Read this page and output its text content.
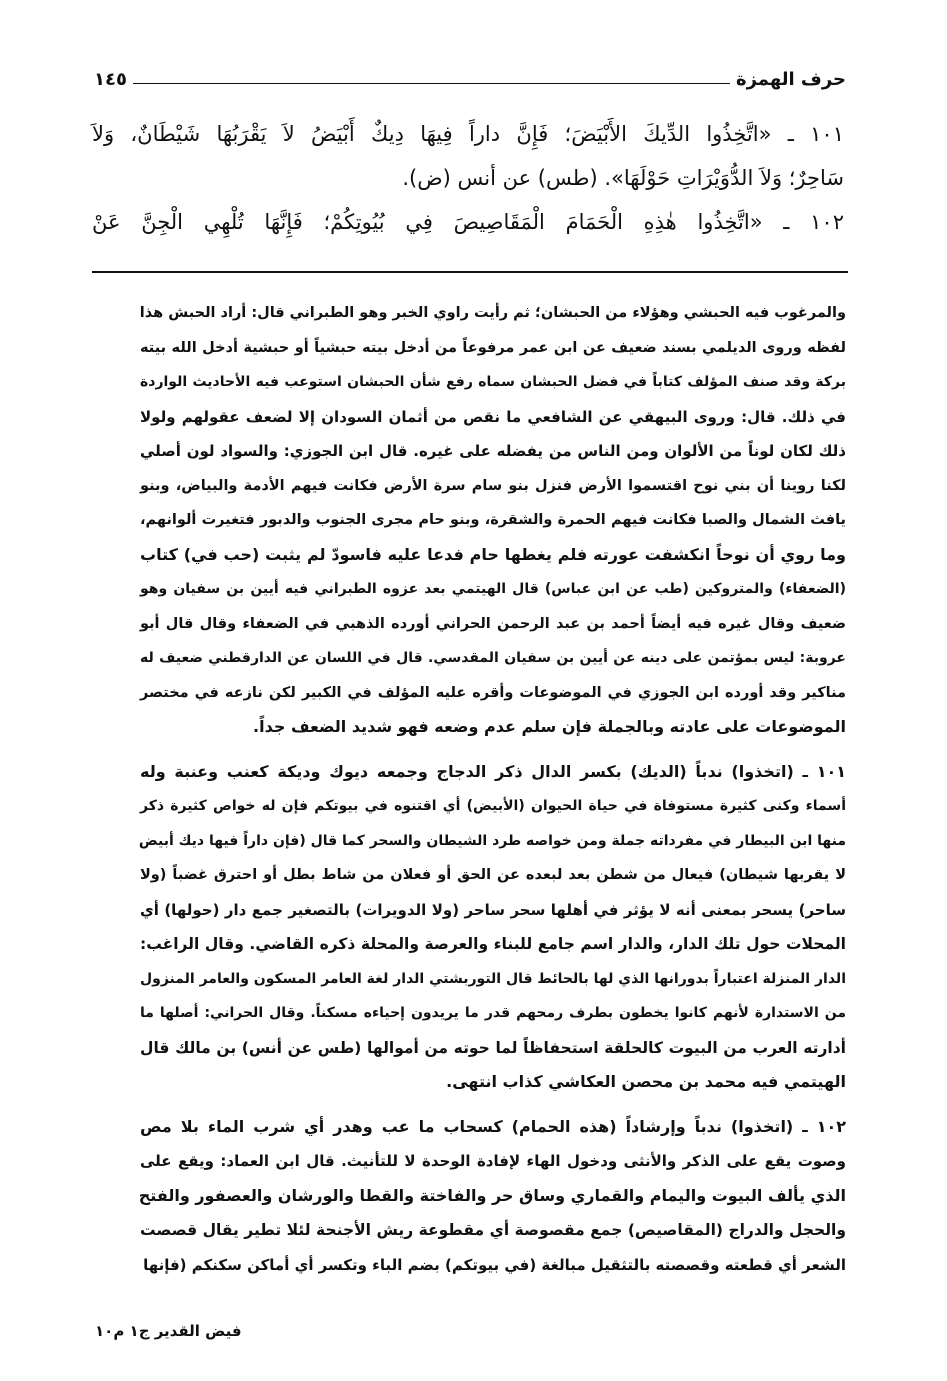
حرف الهمزة
١٤٥
١٠١ ـ «اتَّخِذُوا الدِّيكَ الأَبْيَضَ؛ فَإِنَّ داراً فِيهَا دِيكٌ أَبْيَضُ لاَ يَقْرَبُهَا شَيْطَانٌ، وَلاَ
سَاحِرٌ؛ وَلاَ الدُّوَيْرَاتِ حَوْلَهَا». (طس) عن أنس (ض).
١٠٢ ـ «اتَّخِذُوا هٰذِهِ الْحَمَامَ الْمَقَاصِيصَ فِي بُيُوتِكُمْ؛ فَإِنَّهَا تُلْهِي الْجِنَّ عَنْ
والمرغوب فيه الحبشي وهؤلاء من الحبشان؛ ثم رأيت راوي الخبر وهو الطبراني قال: أراد الحبش هذا
لفظه وروى الديلمي بسند ضعيف عن ابن عمر مرفوعاً من أدخل بيته حبشياً أو حبشية أدخل الله بيته
بركة وقد صنف المؤلف كتاباً في فضل الحبشان سماه رفع شأن الحبشان استوعب فيه الأحاديث الواردة
في ذلك. قال: وروى البيهقي عن الشافعي ما نقص من أثمان السودان إلا لضعف عقولهم ولولا
ذلك لكان لوناً من الألوان ومن الناس من يفضله على غيره. قال ابن الجوزي: والسواد لون أصلي
لكنا روينا أن بني نوح اقتسموا الأرض فنزل بنو سام سرة الأرض فكانت فيهم الأدمة والبياض، وبنو
يافث الشمال والصبا فكانت فيهم الحمرة والشقرة، وبنو حام مجرى الجنوب والدبور فتغيرت ألوانهم،
وما روي أن نوحاً انكشفت عورته فلم يغطها حام فدعا عليه فاسودّ لم يثبت (حب في) كتاب
(الضعفاء) والمتروكين (طب عن ابن عباس) قال الهيتمي بعد عزوه الطبراني فيه أيين بن سفيان وهو
ضعيف وقال غيره فيه أيضاً أحمد بن عبد الرحمن الحراني أورده الذهبي في الضعفاء وقال قال أبو
عروبة: ليس بمؤتمن على دينه عن أيين بن سفيان المقدسي. قال في اللسان عن الدارقطني ضعيف له
مناكير وقد أورده ابن الجوزي في الموضوعات وأقره عليه المؤلف في الكبير لكن نازعه في مختصر
الموضوعات على عادته وبالجملة فإن سلم عدم وضعه فهو شديد الضعف جداً.
١٠١ ـ (اتخذوا) ندباً (الديك) بكسر الدال ذكر الدجاج وجمعه ديوك وديكة كعنب وعنبة وله
أسماء وكنى كثيرة مستوفاة في حياة الحيوان (الأبيض) أي اقتنوه في بيوتكم فإن له خواص كثيرة ذكر
منها ابن البيطار في مفرداته جملة ومن خواصه طرد الشيطان والسحر كما قال (فإن داراً فيها ديك أبيض
لا يقربها شيطان) فيعال من شطن بعد لبعده عن الحق أو فعلان من شاط بطل أو احترق غضباً (ولا
ساحر) يسحر بمعنى أنه لا يؤثر في أهلها سحر ساحر (ولا الدويرات) بالتصغير جمع دار (حولها) أي
المحلات حول تلك الدار، والدار اسم جامع للبناء والعرصة والمحلة ذكره القاضي. وقال الراغب:
الدار المنزلة اعتباراً بدورانها الذي لها بالحائط قال التوربشتي الدار لغة العامر المسكون والعامر المنزول
من الاستدارة لأنهم كانوا يخطون بطرف رمحهم قدر ما يريدون إحياءه مسكناً. وقال الحراني: أصلها ما
أدارته العرب من البيوت كالحلقة استحفاظاً لما حوته من أموالها (طس عن أنس) بن مالك قال
الهيتمي فيه محمد بن محصن العكاشي كذاب انتهى.
١٠٢ ـ (اتخذوا) ندباً وإرشاداً (هذه الحمام) كسحاب ما عب وهدر أي شرب الماء بلا مص
وصوت يقع على الذكر والأنثى ودخول الهاء لإفادة الوحدة لا للتأنيث. قال ابن العماد: ويقع على
الذي يألف البيوت واليمام والقماري وساق حر والفاختة والقطا والورشان والعصفور والفتح
والحجل والدراج (المقاصيص) جمع مقصوصة أي مقطوعة ريش الأجنحة لئلا تطير يقال قصصت
الشعر أي قطعته وقصصته بالتثقيل مبالغة (في بيوتكم) بضم الباء وتكسر أي أماكن سكنكم (فإنها
فيض القدير ج١ م١٠
